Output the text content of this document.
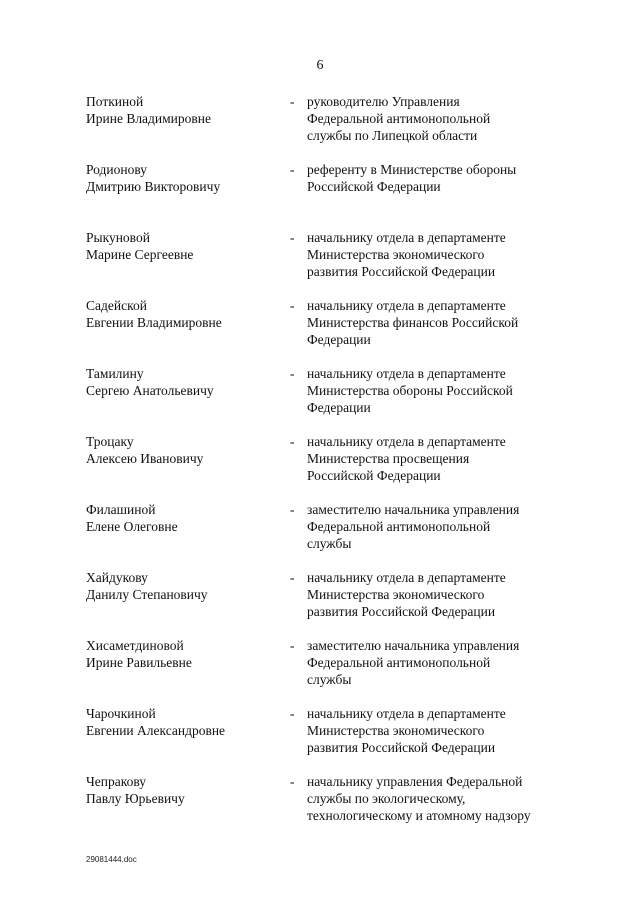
6
Поткиной
Ирине Владимировне
- руководителю Управления
Федеральной антимонопольной
службы по Липецкой области
Родионову
Дмитрию Викторовичу
- референту в Министерстве обороны
Российской Федерации
Рыкуновой
Марине Сергеевне
- начальнику отдела в департаменте
Министерства экономического
развития Российской Федерации
Садейской
Евгении Владимировне
- начальнику отдела в департаменте
Министерства финансов Российской
Федерации
Тамилину
Сергею Анатольевичу
- начальнику отдела в департаменте
Министерства обороны Российской
Федерации
Троцаку
Алексею Ивановичу
- начальнику отдела в департаменте
Министерства просвещения
Российской Федерации
Филашиной
Елене Олеговне
- заместителю начальника управления
Федеральной антимонопольной
службы
Хайдукову
Данилу Степановичу
- начальнику отдела в департаменте
Министерства экономического
развития Российской Федерации
Хисаметдиновой
Ирине Равильевне
- заместителю начальника управления
Федеральной антимонопольной
службы
Чарочкиной
Евгении Александровне
- начальнику отдела в департаменте
Министерства экономического
развития Российской Федерации
Чепракову
Павлу Юрьевичу
- начальнику управления Федеральной
службы по экологическому,
технологическому и атомному надзору
29081444.doc
